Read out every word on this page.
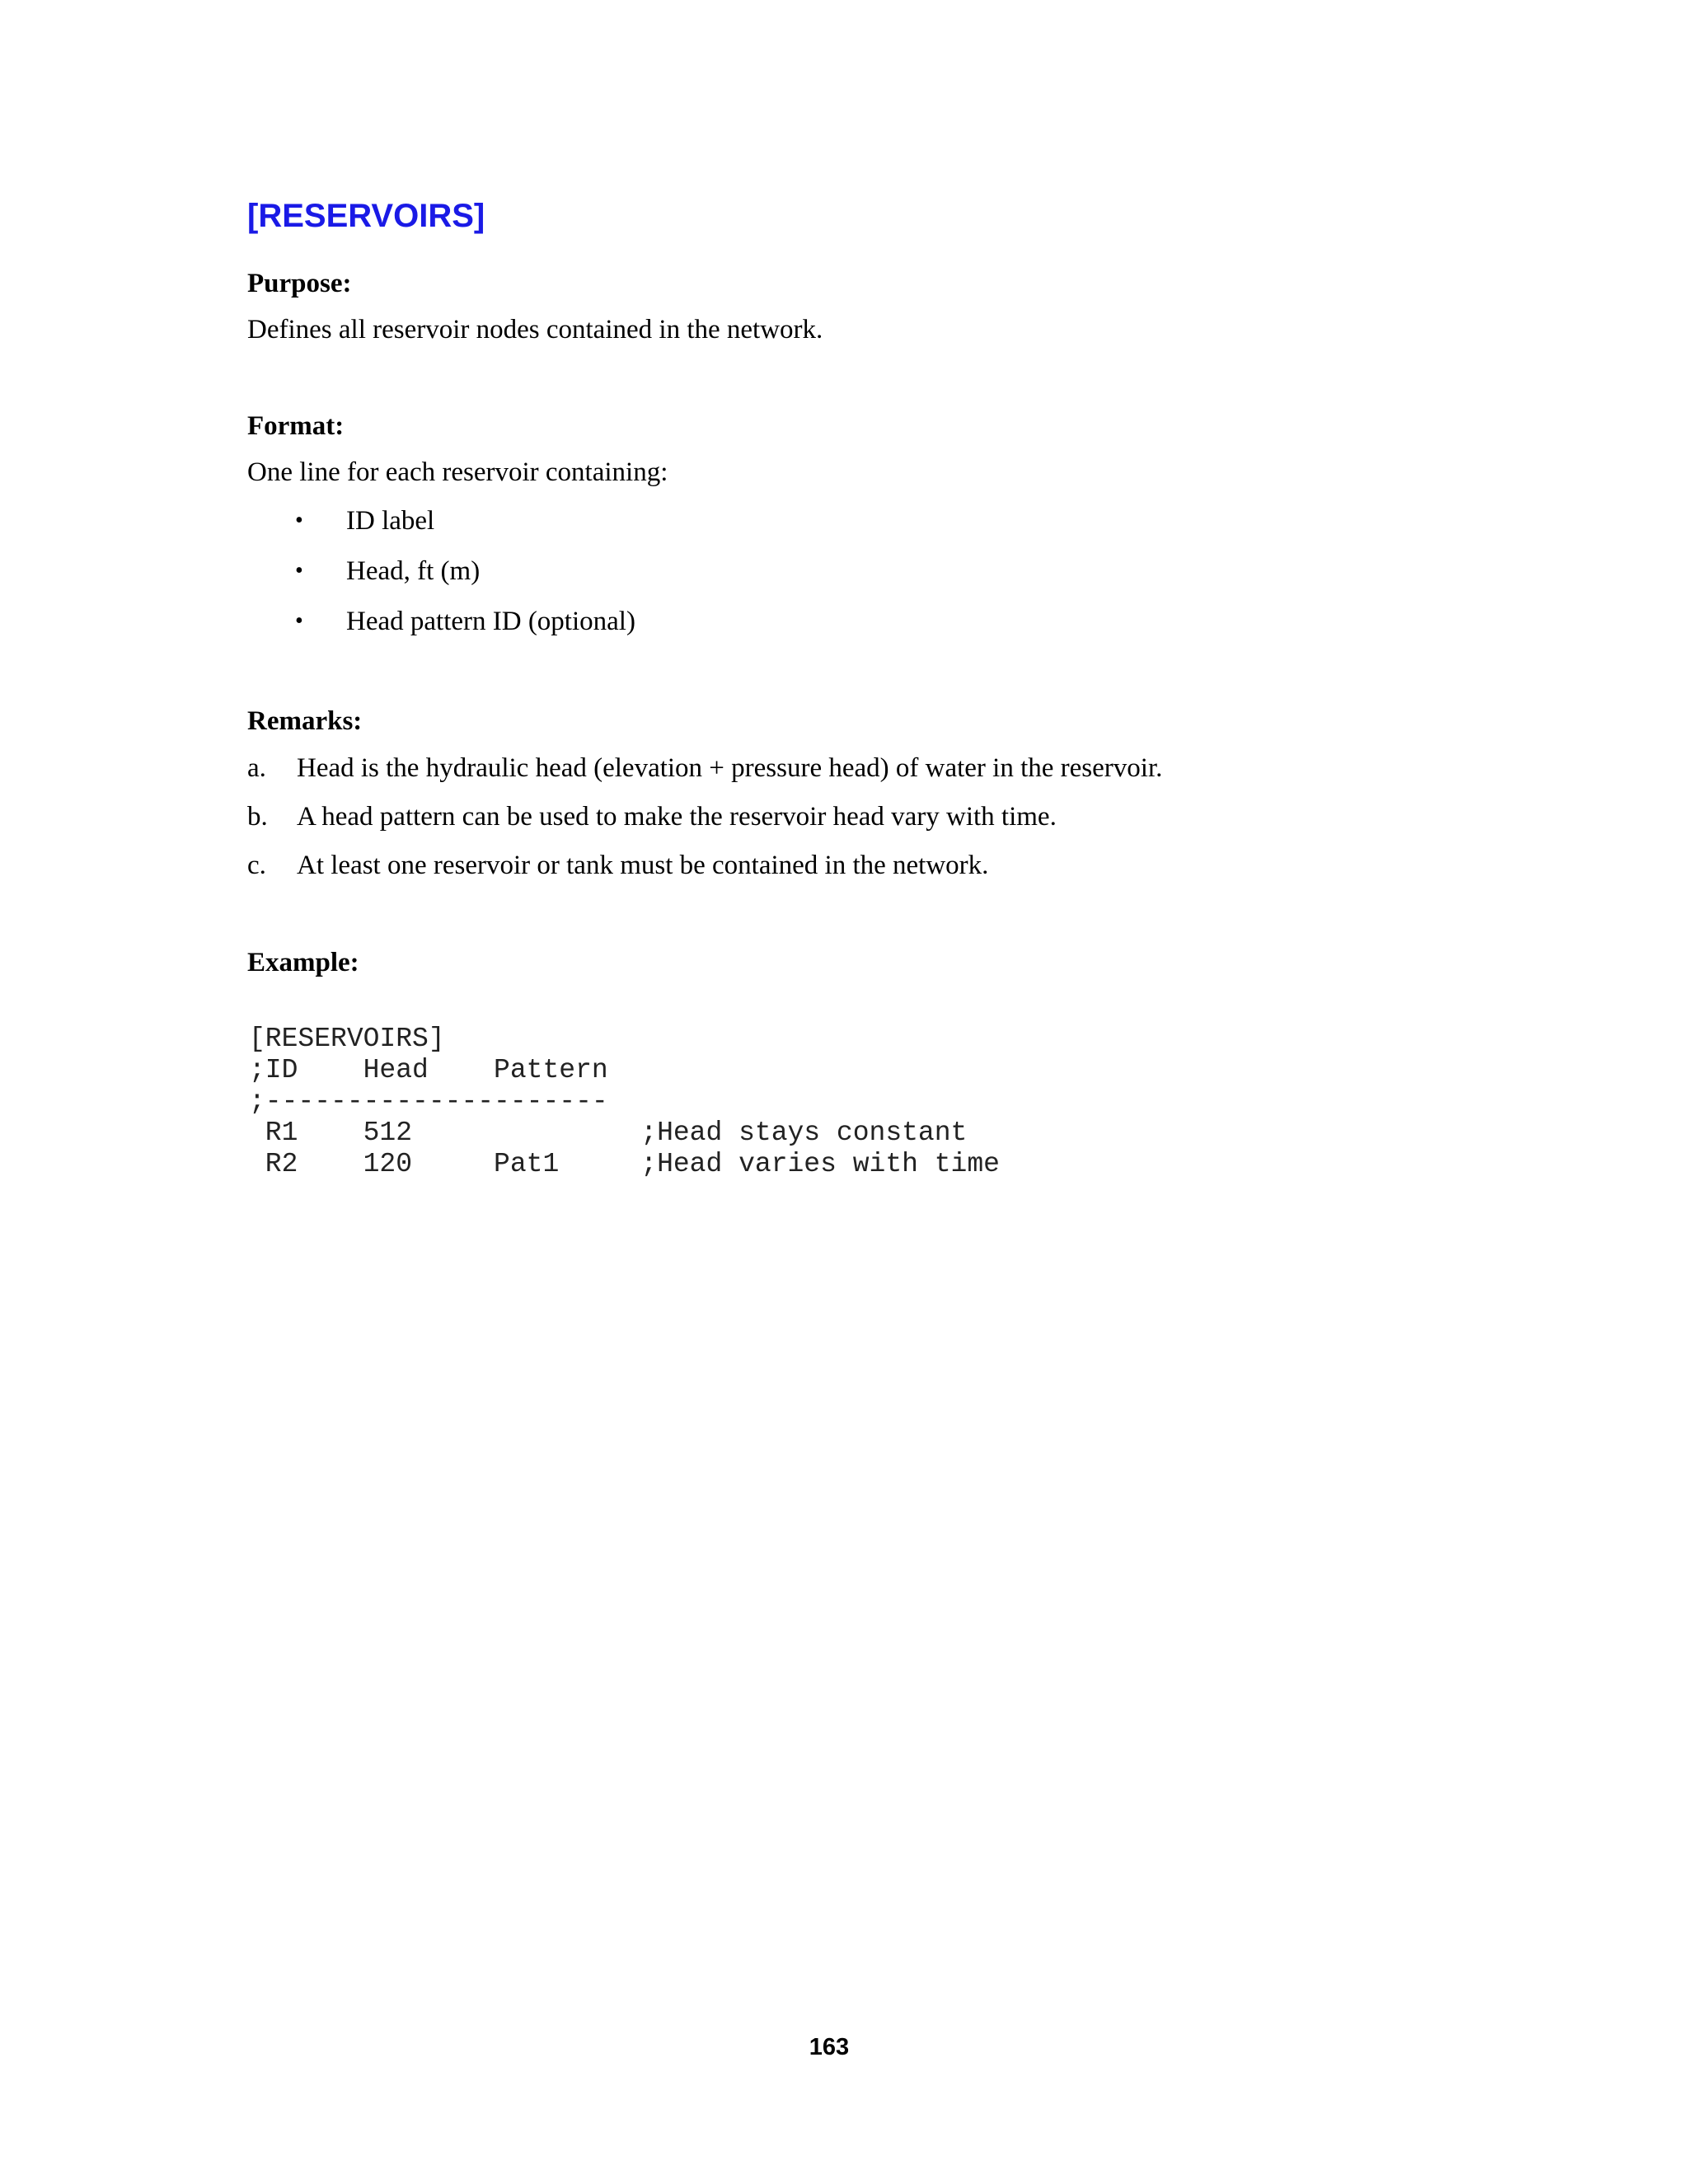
[RESERVOIRS]

Purpose:

Defines all reservoir nodes contained in the network.

Format:

One line for each reservoir containing:

• ID label
• Head, ft (m)
• Head pattern ID (optional)

Remarks:

a. Head is the hydraulic head (elevation + pressure head) of water in the reservoir.
b. A head pattern can be used to make the reservoir head vary with time.
c. At least one reservoir or tank must be contained in the network.

Example:

[RESERVOIRS]
;ID    Head    Pattern
;---------------------
R1    512              ;Head stays constant
R2    120     Pat1     ;Head varies with time

163
